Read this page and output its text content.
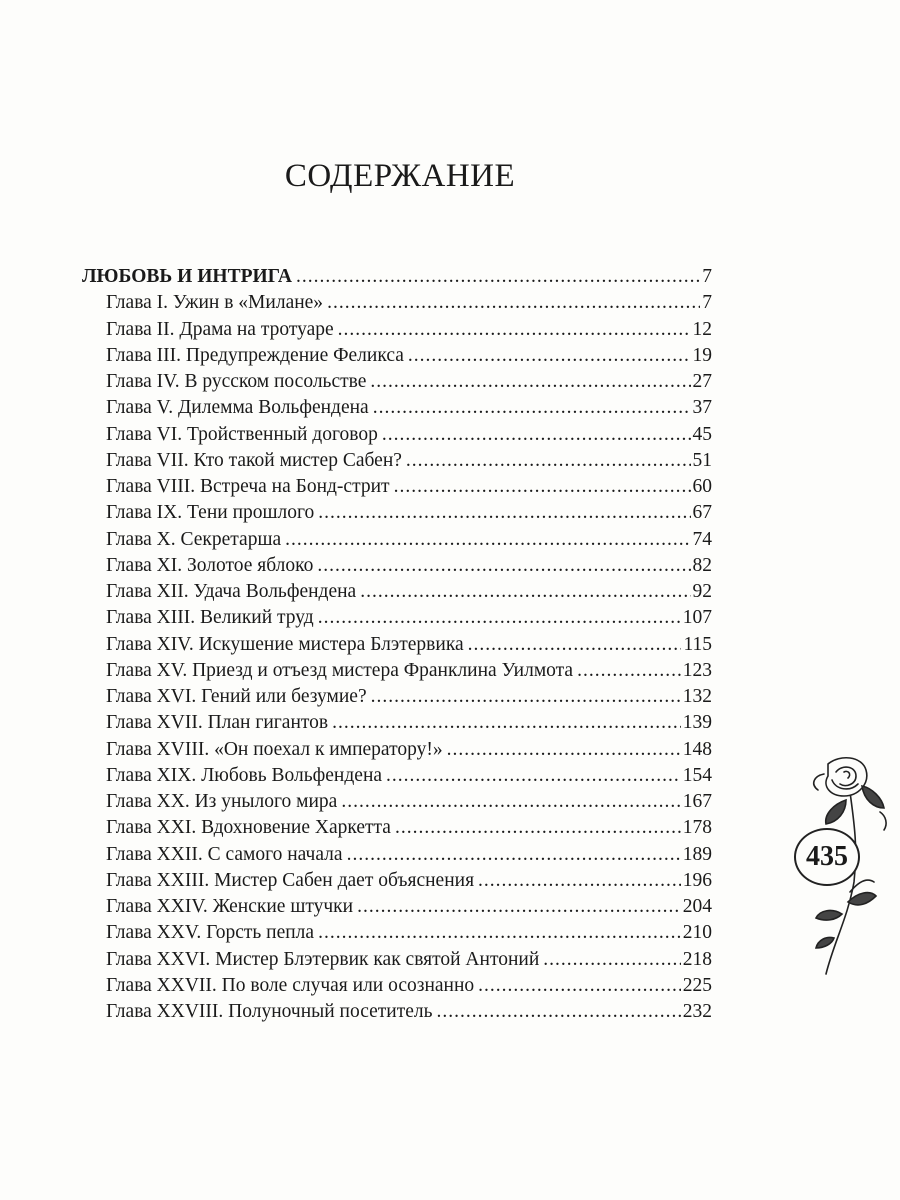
СОДЕРЖАНИЕ
ЛЮБОВЬ И ИНТРИГА .....	7
Глава I. Ужин в «Милане» .....	7
Глава II. Драма на тротуаре .....	12
Глава III. Предупреждение Феликса .....	19
Глава IV. В русском посольстве .....	27
Глава V. Дилемма Вольфендена .....	37
Глава VI. Тройственный договор .....	45
Глава VII. Кто такой мистер Сабен? .....	51
Глава VIII. Встреча на Бонд-стрит .....	60
Глава IX. Тени прошлого .....	67
Глава X. Секретарша .....	74
Глава XI. Золотое яблоко .....	82
Глава XII. Удача Вольфендена .....	92
Глава XIII. Великий труд .....	107
Глава XIV. Искушение мистера Блэтервика .....	115
Глава XV. Приезд и отъезд мистера Франклина Уилмота .....	123
Глава XVI. Гений или безумие? .....	132
Глава XVII. План гигантов .....	139
Глава XVIII. «Он поехал к императору!» .....	148
Глава XIX. Любовь Вольфендена .....	154
Глава XX. Из унылого мира .....	167
Глава XXI. Вдохновение Харкетта .....	178
Глава XXII. С самого начала .....	189
Глава XXIII. Мистер Сабен дает объяснения .....	196
Глава XXIV. Женские штучки .....	204
Глава XXV. Горсть пепла .....	210
Глава XXVI. Мистер Блэтервик как святой Антоний .....	218
Глава XXVII. По воле случая или осознанно .....	225
Глава XXVIII. Полуночный посетитель .....	232
435
